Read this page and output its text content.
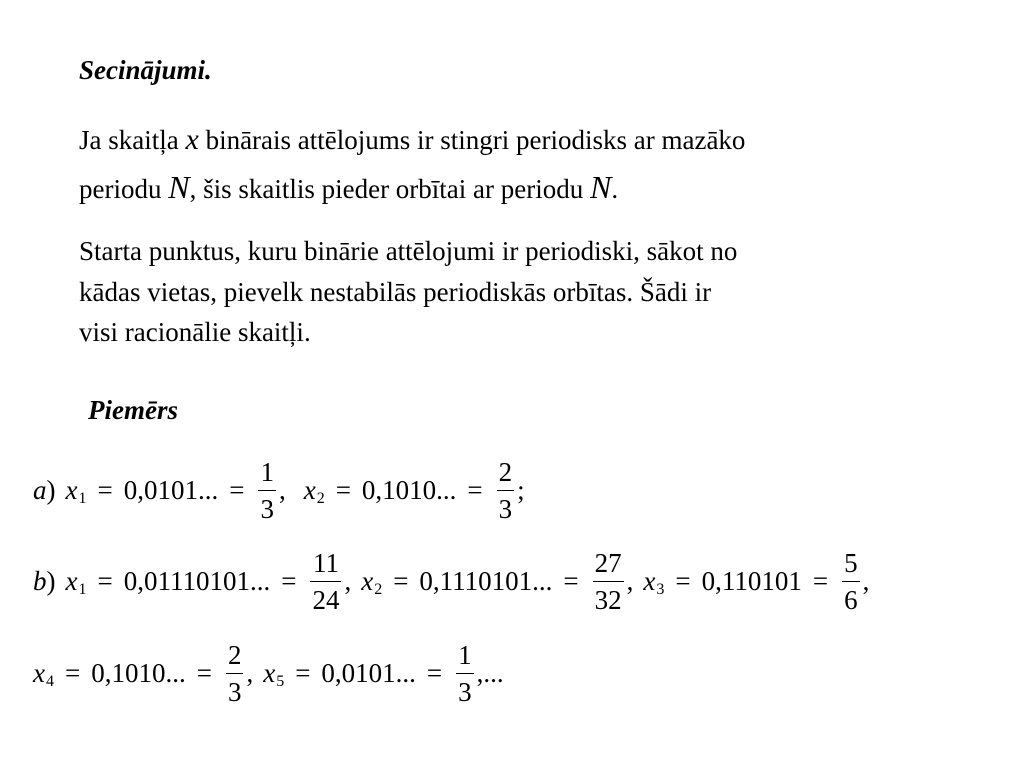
Secinājumi.
Ja skaitļa x binārais attēlojums ir stingri periodisks ar mazāko
periodu N, šis skaitlis pieder orbītai ar periodu N.
Starta punktus, kuru binārie attēlojumi ir periodiski, sākot no
kādas vietas, pievelk nestabilās periodiskās orbītas. Šādi ir
visi racionālie skaitļi.
Piemērs
a ) x 1 = 0,0101... = $\frac{1}{3}$ , x 2 = 0,1010... = $\frac{2}{3}$ ;
b ) x 1 = 0,01110101... = $\frac{11}{24}$ , x 2 = 0,1110101... = $\frac{27}{32}$ , x $3 = 0,110101 = \frac{5}{6}$ ,
x 4 = 0,1010... = $\frac{2}{3}$ , x 5 = 0,0101... = $\frac{1}{3}$ ,...
